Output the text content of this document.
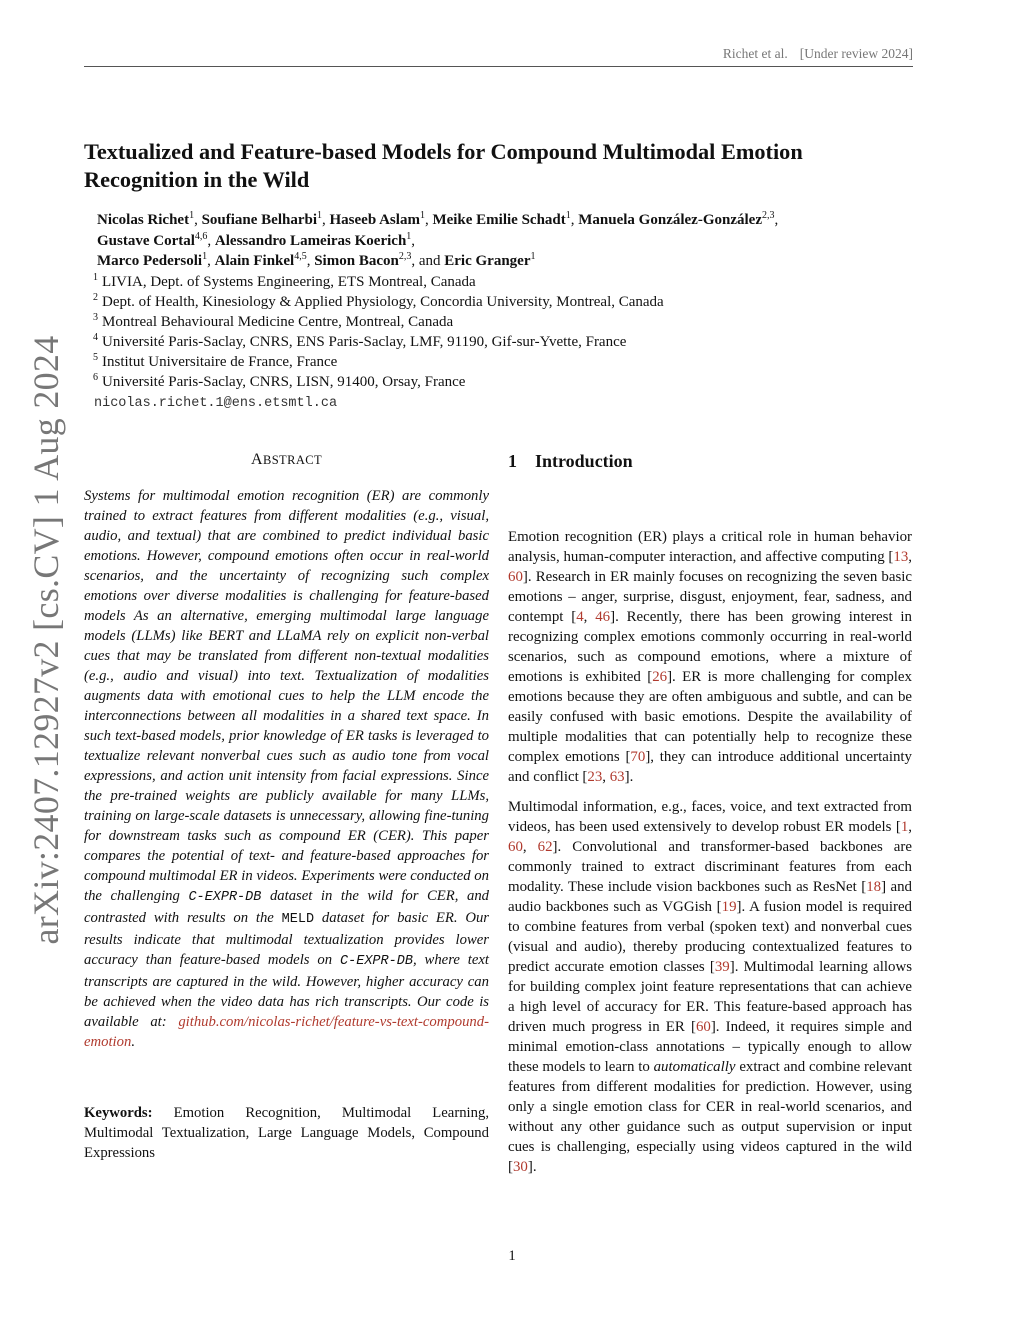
Richet et al. [Under review 2024]
arXiv:2407.12927v2 [cs.CV] 1 Aug 2024
Textualized and Feature-based Models for Compound Multimodal Emotion Recognition in the Wild
Nicolas Richet$^1$, Soufiane Belharbi$^1$, Haseeb Aslam$^1$, Meike Emilie Schadt$^1$, Manuela González-González$^{2,3}$,
Gustave Cortal$^{4,6}$, Alessandro Lameiras Koerich$^1$,
Marco Pedersoli$^1$, Alain Finkel$^{4,5}$, Simon Bacon$^{2,3}$, and Eric Granger$^1$
$^1$ LIVIA, Dept. of Systems Engineering, ETS Montreal, Canada
$^2$ Dept. of Health, Kinesiology & Applied Physiology, Concordia University, Montreal, Canada
$^3$ Montreal Behavioural Medicine Centre, Montreal, Canada
$^4$ Université Paris-Saclay, CNRS, ENS Paris-Saclay, LMF, 91190, Gif-sur-Yvette, France
$^5$ Institut Universitaire de France, France
$^6$ Université Paris-Saclay, CNRS, LISN, 91400, Orsay, France
nicolas.richet.1@ens.etsmtl.ca
ABSTRACT
Systems for multimodal emotion recognition (ER) are commonly trained to extract features from different modalities (e.g., visual, audio, and textual) that are combined to predict individual basic emotions. However, compound emotions often occur in real-world scenarios, and the uncertainty of recognizing such complex emotions over diverse modalities is challenging for feature-based models As an alternative, emerging multimodal large language models (LLMs) like BERT and LLaMA rely on explicit non-verbal cues that may be translated from different non-textual modalities (e.g., audio and visual) into text. Textualization of modalities augments data with emotional cues to help the LLM encode the interconnections between all modalities in a shared text space. In such text-based models, prior knowledge of ER tasks is leveraged to textualize relevant nonverbal cues such as audio tone from vocal expressions, and action unit intensity from facial expressions. Since the pre-trained weights are publicly available for many LLMs, training on large-scale datasets is unnecessary, allowing fine-tuning for downstream tasks such as compound ER (CER). This paper compares the potential of text- and feature-based approaches for compound multimodal ER in videos. Experiments were conducted on the challenging C-EXPR-DB dataset in the wild for CER, and contrasted with results on the MELD dataset for basic ER. Our results indicate that multimodal textualization provides lower accuracy than feature-based models on C-EXPR-DB, where text transcripts are captured in the wild. However, higher accuracy can be achieved when the video data has rich transcripts. Our code is available at: github.com/nicolas-richet/feature-vs-text-compound-emotion.
Keywords: Emotion Recognition, Multimodal Learning, Multimodal Textualization, Large Language Models, Compound Expressions
1 Introduction

Emotion recognition (ER) plays a critical role in human behavior analysis, human-computer interaction, and affective computing [13, 60]. Research in ER mainly focuses on recognizing the seven basic emotions – anger, surprise, disgust, enjoyment, fear, sadness, and contempt [4, 46]. Recently, there has been growing interest in recognizing complex emotions commonly occurring in real-world scenarios, such as compound emotions, where a mixture of emotions is exhibited [26]. ER is more challenging for complex emotions because they are often ambiguous and subtle, and can be easily confused with basic emotions. Despite the availability of multiple modalities that can potentially help to recognize these complex emotions [70], they can introduce additional uncertainty and conflict [23, 63].

Multimodal information, e.g., faces, voice, and text extracted from videos, has been used extensively to develop robust ER models [1, 60, 62]. Convolutional and transformer-based backbones are commonly trained to extract discriminant features from each modality. These include vision backbones such as ResNet [18] and audio backbones such as VGGish [19]. A fusion model is required to combine features from verbal (spoken text) and nonverbal cues (visual and audio), thereby producing contextualized features to predict accurate emotion classes [39]. Multimodal learning allows for building complex joint feature representations that can achieve a high level of accuracy for ER. This feature-based approach has driven much progress in ER [60]. Indeed, it requires simple and minimal emotion-class annotations – typically enough to allow these models to learn to automatically extract and combine relevant features from different modalities for prediction. However, using only a single emotion class for CER in real-world scenarios, and without any other guidance such as output supervision or input cues is challenging, especially using videos captured in the wild [30].

1
